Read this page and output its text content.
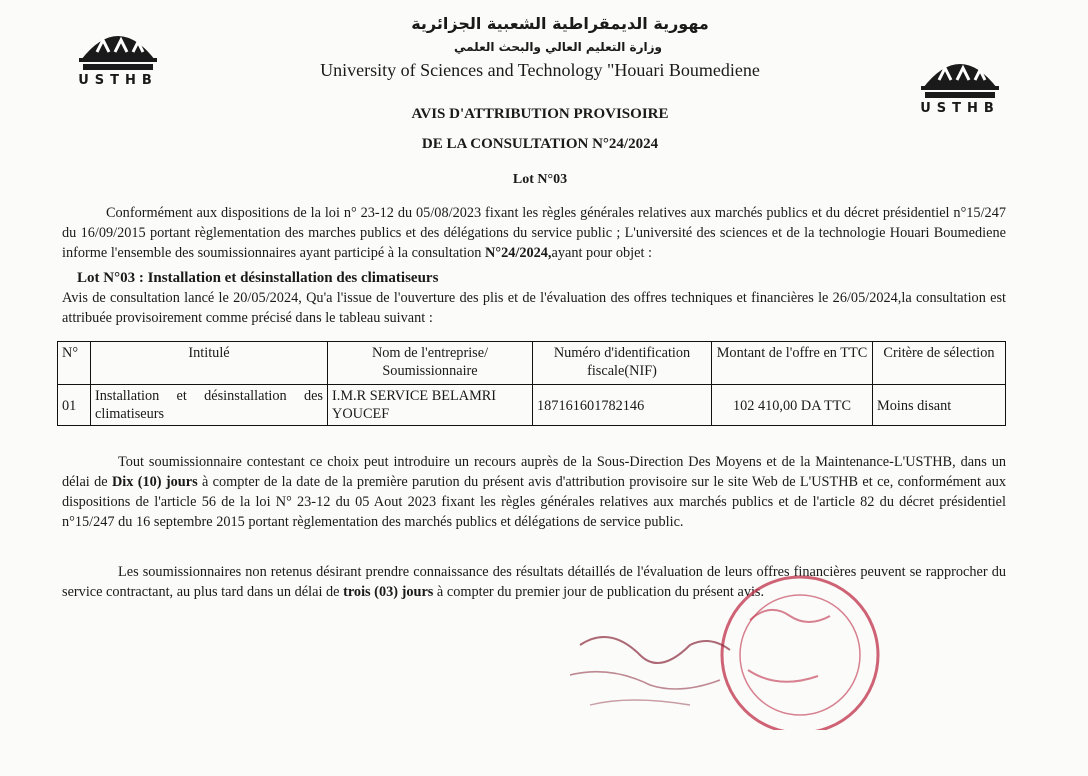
USTHB
USTHB
مهورية الديمقراطية الشعبية الجزائرية
وزارة التعليم العالي والبحث العلمي
University of Sciences and Technology "Houari Boumediene
AVIS D'ATTRIBUTION PROVISOIRE
DE LA CONSULTATION N°24/2024
Lot N°03
Conformément aux dispositions de la loi n° 23-12 du 05/08/2023 fixant les règles générales relatives aux marchés publics et du décret présidentiel n°15/247 du 16/09/2015 portant règlementation des marches publics et des délégations du service public ; L'université des sciences et de la technologie Houari Boumediene informe l'ensemble des soumissionnaires ayant participé à la consultation N°24/2024,ayant pour objet :
Lot N°03 : Installation et désinstallation des climatiseurs
Avis de consultation lancé le 20/05/2024, Qu'a l'issue de l'ouverture des plis et de l'évaluation des offres techniques et financières le 26/05/2024,la consultation est attribuée provisoirement comme précisé dans le tableau suivant :
N°	Intitulé	Nom de l'entreprise/ Soumissionnaire	Numéro d'identification fiscale(NIF)	Montant de l'offre en TTC	Critère de sélection
01	Installation et désinstallation des climatiseurs	I.M.R SERVICE BELAMRI YOUCEF	187161601782146	102 410,00 DA TTC	Moins disant
Tout soumissionnaire contestant ce choix peut introduire un recours auprès de la Sous-Direction Des Moyens et de la Maintenance-L'USTHB, dans un délai de Dix (10) jours à compter de la date de la première parution du présent avis d'attribution provisoire sur le site Web de L'USTHB et ce, conformément aux dispositions de l'article 56 de la loi N° 23-12 du 05 Aout 2023 fixant les règles générales relatives aux marchés publics et de l'article 82 du décret présidentiel n°15/247 du 16 septembre 2015 portant règlementation des marchés publics et délégations de service public.
Les soumissionnaires non retenus désirant prendre connaissance des résultats détaillés de l'évaluation de leurs offres financières peuvent se rapprocher du service contractant, au plus tard dans un délai de trois (03) jours à compter du premier jour de publication du présent avis.
